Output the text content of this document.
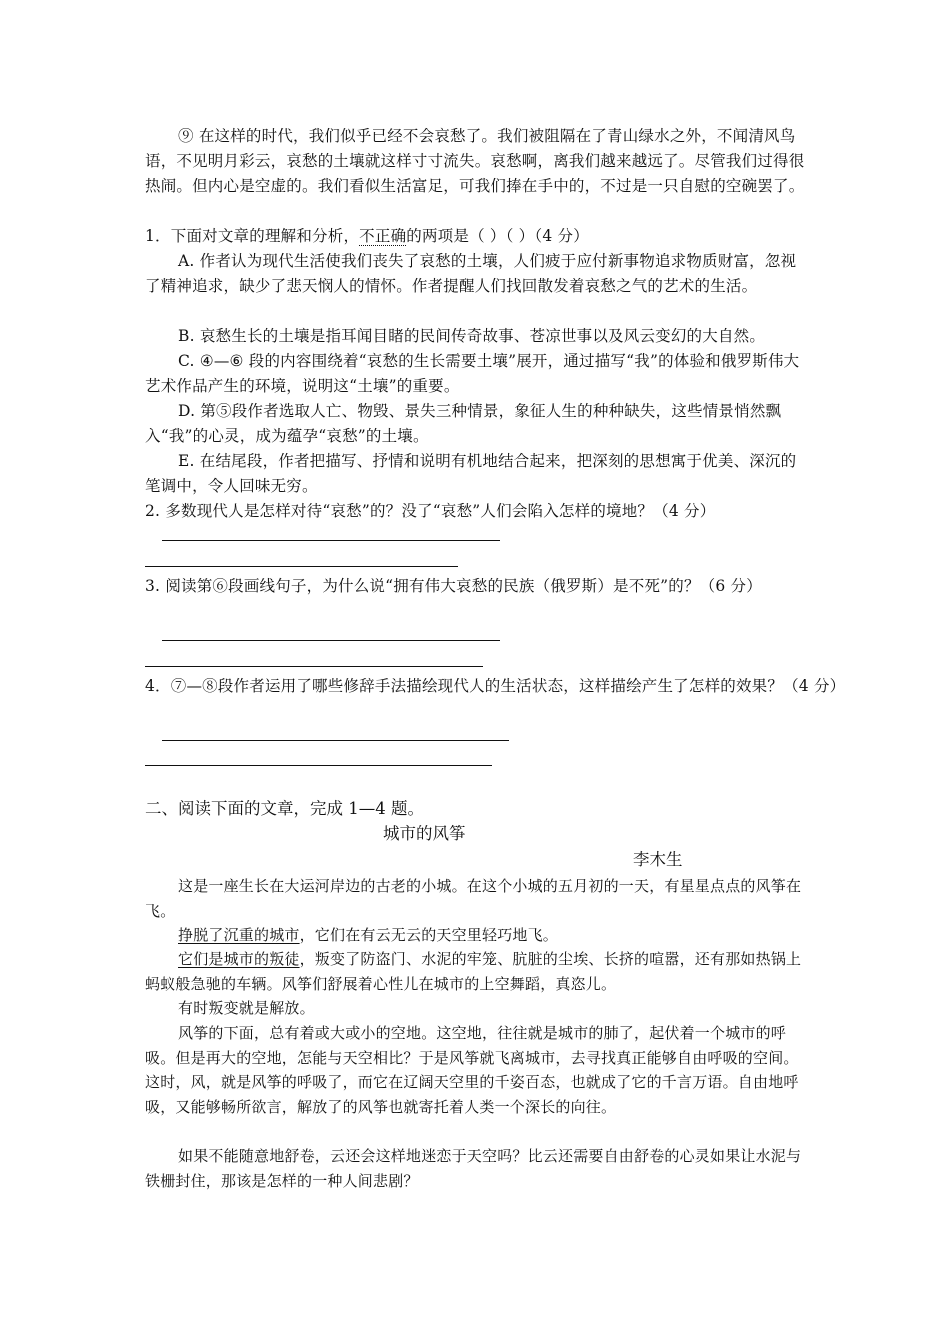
⑨ 在这样的时代，我们似乎已经不会哀愁了。我们被阻隔在了青山绿水之外，不闻清风鸟语，不见明月彩云，哀愁的土壤就这样寸寸流失。哀愁啊，离我们越来越远了。尽管我们过得很热闹。但内心是空虚的。我们看似生活富足，可我们捧在手中的，不过是一只自慰的空碗罢了。

1．下面对文章的理解和分析，不正确的两项是（ ）（ ）（4 分）

A. 作者认为现代生活使我们丧失了哀愁的土壤，人们疲于应付新事物追求物质财富，忽视了精神追求，缺少了悲天悯人的情怀。作者提醒人们找回散发着哀愁之气的艺术的生活。

B. 哀愁生长的土壤是指耳闻目睹的民间传奇故事、苍凉世事以及风云变幻的大自然。

C. ④—⑥ 段的内容围绕着“哀愁的生长需要土壤”展开，通过描写“我”的体验和俄罗斯伟大艺术作品产生的环境，说明这“土壤”的重要。

D. 第⑤段作者选取人亡、物毁、景失三种情景，象征人生的种种缺失，这些情景悄然飘入“我”的心灵，成为蕴孕“哀愁”的土壤。

E. 在结尾段，作者把描写、抒情和说明有机地结合起来，把深刻的思想寓于优美、深沉的笔调中，令人回味无穷。

2. 多数现代人是怎样对待“哀愁”的？没了“哀愁”人们会陷入怎样的境地？（4 分）

3. 阅读第⑥段画线句子，为什么说“拥有伟大哀愁的民族（俄罗斯）是不死”的？（6 分）

4．⑦—⑧段作者运用了哪些修辞手法描绘现代人的生活状态，这样描绘产生了怎样的效果？（4 分）

二、阅读下面的文章，完成 1—4 题。
城市的风筝
李木生

这是一座生长在大运河岸边的古老的小城。在这个小城的五月初的一天，有星星点点的风筝在飞。

挣脱了沉重的城市，它们在有云无云的天空里轻巧地飞。

它们是城市的叛徒，叛变了防盗门、水泥的牢笼、肮脏的尘埃、长挤的喧嚣，还有那如热锅上蚂蚁般急驰的车辆。风筝们舒展着心性儿在城市的上空舞蹈，真恣儿。

有时叛变就是解放。

风筝的下面，总有着或大或小的空地。这空地，往往就是城市的肺了，起伏着一个城市的呼吸。但是再大的空地，怎能与天空相比？于是风筝就飞离城市，去寻找真正能够自由呼吸的空间。这时，风，就是风筝的呼吸了，而它在辽阔天空里的千姿百态，也就成了它的千言万语。自由地呼吸，又能够畅所欲言，解放了的风筝也就寄托着人类一个深长的向往。

如果不能随意地舒卷，云还会这样地迷恋于天空吗？比云还需要自由舒卷的心灵如果让水泥与铁栅封住，那该是怎样的一种人间悲剧？
